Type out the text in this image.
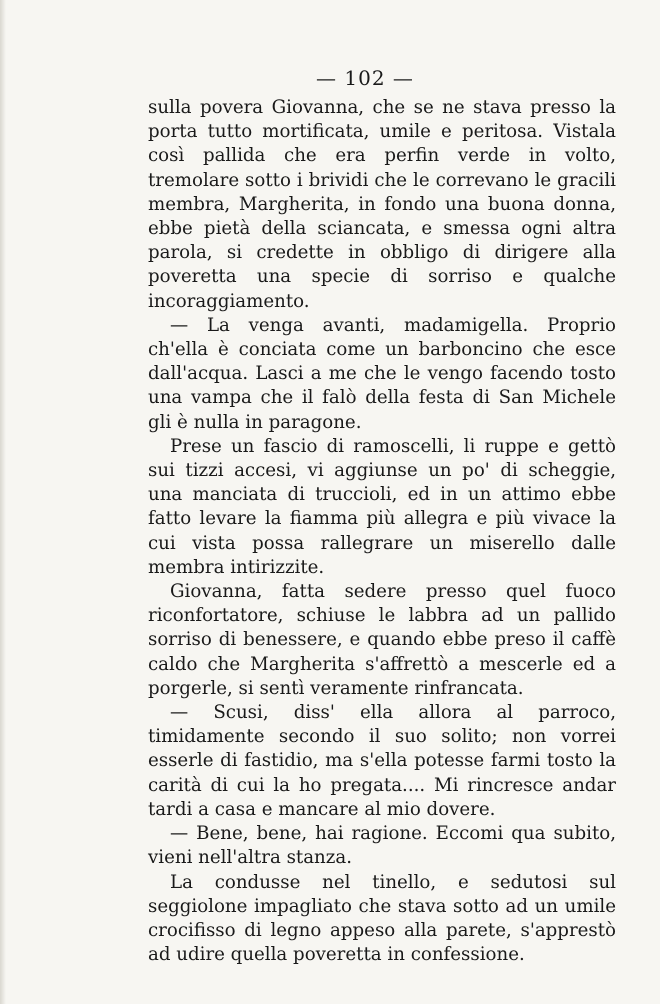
— 102 —

sulla povera Giovanna, che se ne stava presso la porta tutto mortificata, umile e peritosa. Vistala così pallida che era perfin verde in volto, tremolare sotto i brividi che le correvano le gracili membra, Margherita, in fondo una buona donna, ebbe pietà della sciancata, e smessa ogni altra parola, si credette in obbligo di dirigere alla poveretta una specie di sorriso e qualche incoraggiamento.

— La venga avanti, madamigella. Proprio ch'ella è conciata come un barboncino che esce dall'acqua. Lasci a me che le vengo facendo tosto una vampa che il falò della festa di San Michele gli è nulla in paragone.

Prese un fascio di ramoscelli, li ruppe e gettò sui tizzi accesi, vi aggiunse un po' di scheggie, una manciata di truccioli, ed in un attimo ebbe fatto levare la fiamma più allegra e più vivace la cui vista possa rallegrare un miserello dalle membra intirizzite.

Giovanna, fatta sedere presso quel fuoco riconfortatore, schiuse le labbra ad un pallido sorriso di benessere, e quando ebbe preso il caffè caldo che Margherita s'affrettò a mescerle ed a porgerle, si sentì veramente rinfrancata.

— Scusi, diss' ella allora al parroco, timidamente secondo il suo solito; non vorrei esserle di fastidio, ma s'ella potesse farmi tosto la carità di cui la ho pregata.... Mi rincresce andar tardi a casa e mancare al mio dovere.

— Bene, bene, hai ragione. Eccomi qua subito, vieni nell'altra stanza.

La condusse nel tinello, e sedutosi sul seggiolone impagliato che stava sotto ad un umile crocifisso di legno appeso alla parete, s'apprestò ad udire quella poveretta in confessione.
